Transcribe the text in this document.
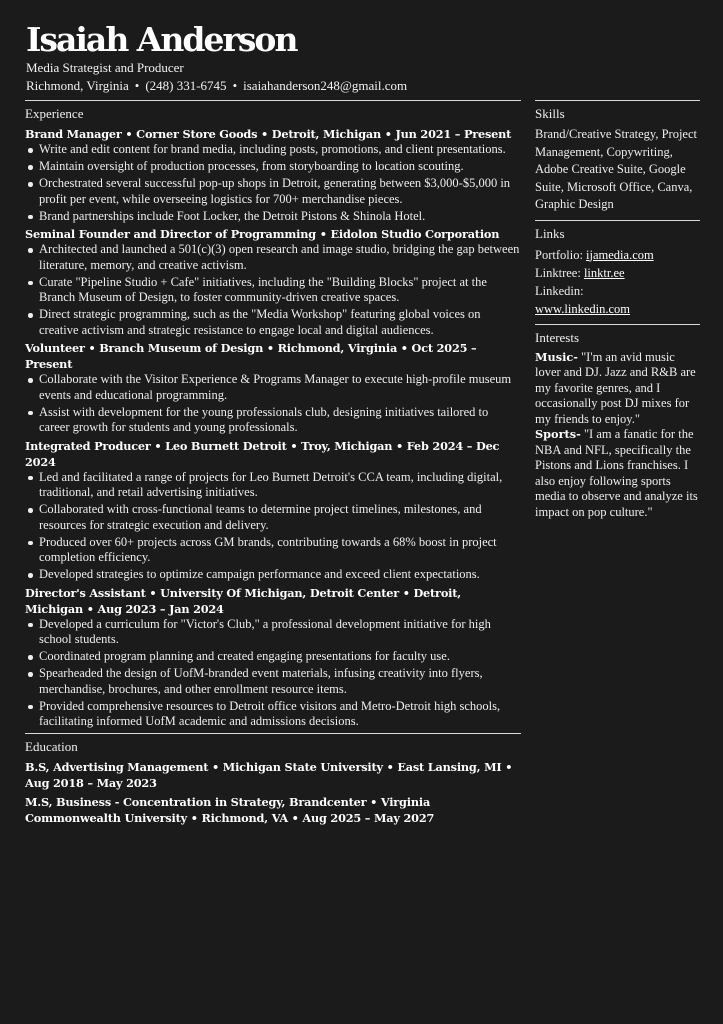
Isaiah Anderson
Media Strategist and Producer
Richmond, Virginia • (248) 331-6745 • isaiahanderson248@gmail.com
Experience
Brand Manager • Corner Store Goods • Detroit, Michigan • Jun 2021 – Present
Write and edit content for brand media, including posts, promotions, and client presentations.
Maintain oversight of production processes, from storyboarding to location scouting.
Orchestrated several successful pop-up shops in Detroit, generating between $3,000-$5,000 in profit per event, while overseeing logistics for 700+ merchandise pieces.
Brand partnerships include Foot Locker, the Detroit Pistons & Shinola Hotel.
Seminal Founder and Director of Programming • Eidolon Studio Corporation
Architected and launched a 501(c)(3) open research and image studio, bridging the gap between literature, memory, and creative activism.
Curate "Pipeline Studio + Cafe" initiatives, including the "Building Blocks" project at the Branch Museum of Design, to foster community-driven creative spaces.
Direct strategic programming, such as the "Media Workshop" featuring global voices on creative activism and strategic resistance to engage local and digital audiences.
Volunteer • Branch Museum of Design • Richmond, Virginia • Oct 2025 – Present
Collaborate with the Visitor Experience & Programs Manager to execute high-profile museum events and educational programming.
Assist with development for the young professionals club, designing initiatives tailored to career growth for students and young professionals.
Integrated Producer • Leo Burnett Detroit • Troy, Michigan • Feb 2024 – Dec 2024
Led and facilitated a range of projects for Leo Burnett Detroit's CCA team, including digital, traditional, and retail advertising initiatives.
Collaborated with cross-functional teams to determine project timelines, milestones, and resources for strategic execution and delivery.
Produced over 60+ projects across GM brands, contributing towards a 68% boost in project completion efficiency.
Developed strategies to optimize campaign performance and exceed client expectations.
Director's Assistant • University Of Michigan, Detroit Center • Detroit, Michigan • Aug 2023 – Jan 2024
Developed a curriculum for "Victor's Club," a professional development initiative for high school students.
Coordinated program planning and created engaging presentations for faculty use.
Spearheaded the design of UofM-branded event materials, infusing creativity into flyers, merchandise, brochures, and other enrollment resource items.
Provided comprehensive resources to Detroit office visitors and Metro-Detroit high schools, facilitating informed UofM academic and admissions decisions.
Education
B.S, Advertising Management • Michigan State University • East Lansing, MI • Aug 2018 – May 2023
M.S, Business - Concentration in Strategy, Brandcenter • Virginia Commonwealth University • Richmond, VA • Aug 2025 – May 2027
Skills
Brand/Creative Strategy, Project Management, Copywriting, Adobe Creative Suite, Google Suite, Microsoft Office, Canva, Graphic Design
Links
Portfolio: ijamedia.com
Linktree: linktr.ee
Linkedin:
www.linkedin.com
Interests
Music- "I'm an avid music lover and DJ. Jazz and R&B are my favorite genres, and I occasionally post DJ mixes for my friends to enjoy."
Sports- "I am a fanatic for the NBA and NFL, specifically the Pistons and Lions franchises. I also enjoy following sports media to observe and analyze its impact on pop culture."
